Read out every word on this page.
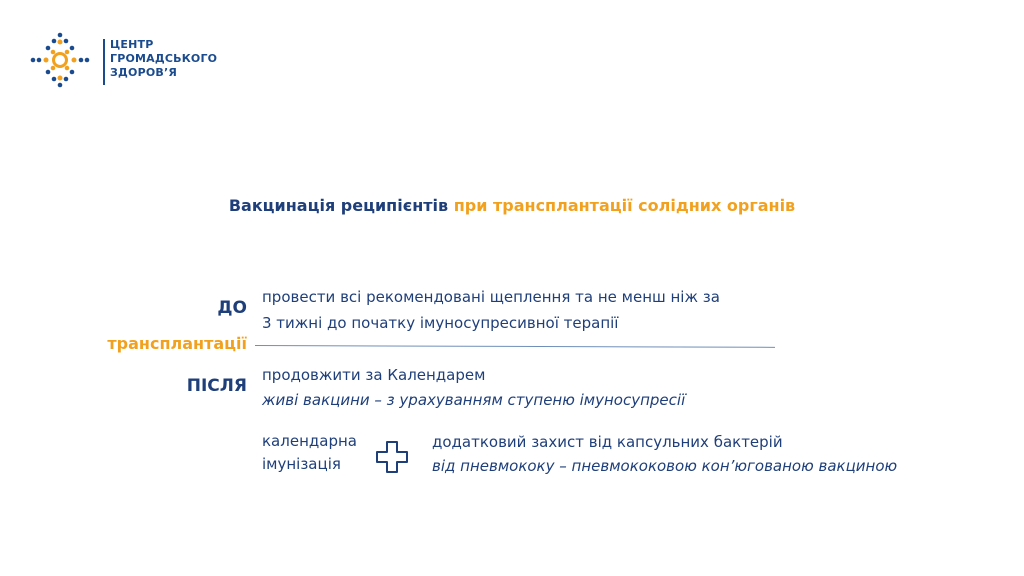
ЦЕНТР
ГРОМАДСЬКОГО
ЗДОРОВ’Я
Вакцинація реципієнтів при трансплантації солідних органів
ДО
трансплантації
ПІСЛЯ
провести всі рекомендовані щеплення та не менш ніж за
3 тижні до початку імуносупресивної терапії
продовжити за Календарем
живі вакцини – з урахуванням ступеню імуносупресії
календарна
імунізація
додатковий захист від капсульних бактерій
від пневмококу – пневмококовою кон’югованою вакциною
